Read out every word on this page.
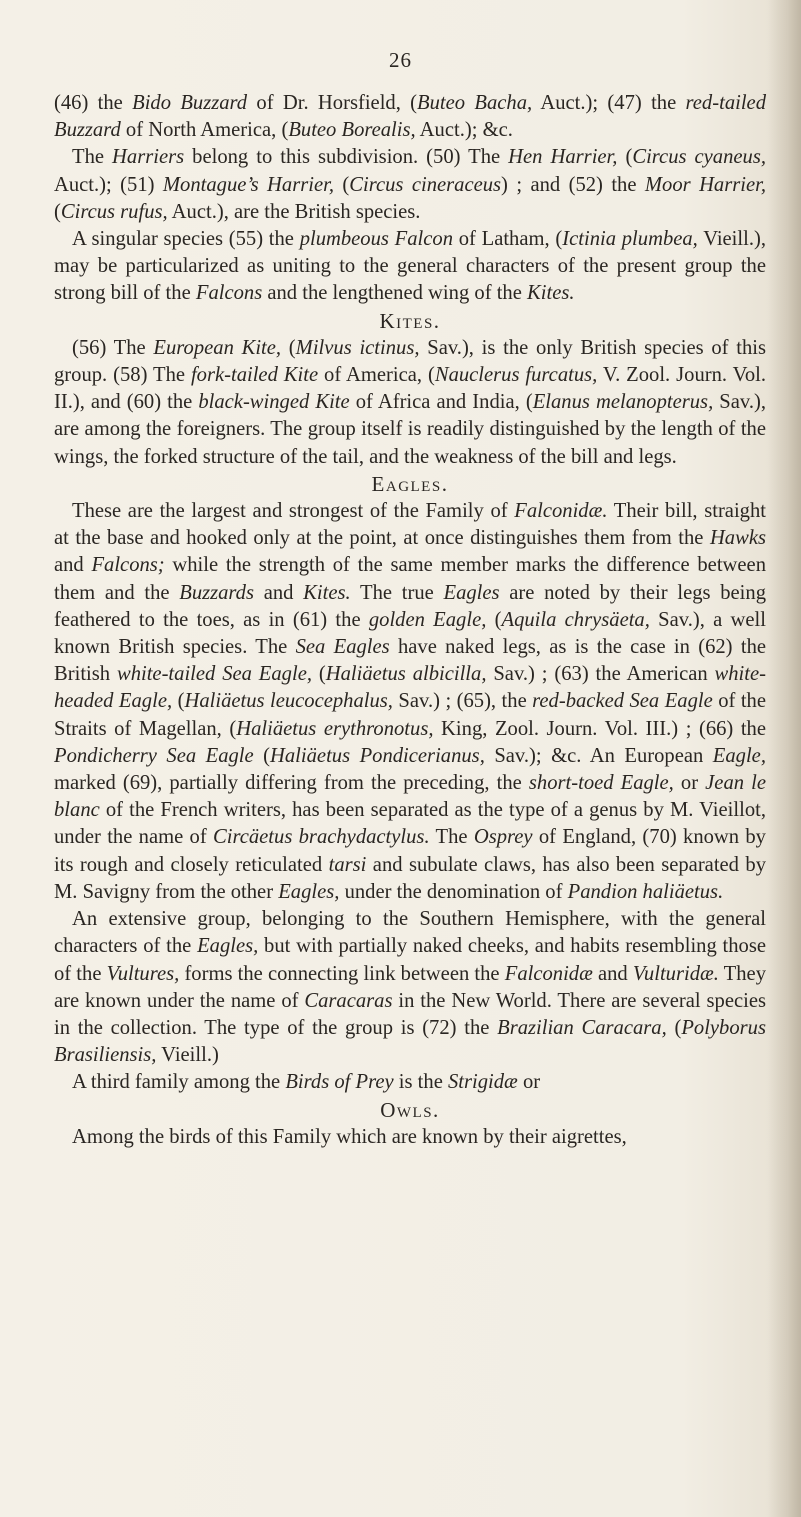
26

(46) the Bido Buzzard of Dr. Horsfield, (Buteo Bacha, Auct.); (47) the red-tailed Buzzard of North America, (Buteo Borealis, Auct.); &c.

The Harriers belong to this subdivision. (50) The Hen Harrier, (Circus cyaneus, Auct.); (51) Montague’s Harrier, (Circus cineraceus) ; and (52) the Moor Harrier, (Circus rufus, Auct.), are the British species.

A singular species (55) the plumbeous Falcon of Latham, (Ictinia plumbea, Vieill.), may be particularized as uniting to the general characters of the present group the strong bill of the Falcons and the lengthened wing of the Kites.

Kites.

(56) The European Kite, (Milvus ictinus, Sav.), is the only British species of this group. (58) The fork-tailed Kite of America, (Nauclerus furcatus, V. Zool. Journ. Vol. II.), and (60) the black-winged Kite of Africa and India, (Elanus melanopterus, Sav.), are among the foreigners. The group itself is readily distinguished by the length of the wings, the forked structure of the tail, and the weakness of the bill and legs.

Eagles.

These are the largest and strongest of the Family of Falconidæ. Their bill, straight at the base and hooked only at the point, at once distinguishes them from the Hawks and Falcons; while the strength of the same member marks the difference between them and the Buzzards and Kites. The true Eagles are noted by their legs being feathered to the toes, as in (61) the golden Eagle, (Aquila chrysäeta, Sav.), a well known British species. The Sea Eagles have naked legs, as is the case in (62) the British white-tailed Sea Eagle, (Haliäetus albicilla, Sav.) ; (63) the American white-headed Eagle, (Haliäetus leucocephalus, Sav.) ; (65), the red-backed Sea Eagle of the Straits of Magellan, (Haliäetus erythronotus, King, Zool. Journ. Vol. III.) ; (66) the Pondicherry Sea Eagle (Haliäetus Pondicerianus, Sav.); &c. An European Eagle, marked (69), partially differing from the preceding, the short-toed Eagle, or Jean le blanc of the French writers, has been separated as the type of a genus by M. Vieillot, under the name of Circäetus brachydactylus. The Osprey of England, (70) known by its rough and closely reticulated tarsi and subulate claws, has also been separated by M. Savigny from the other Eagles, under the denomination of Pandion haliäetus.

An extensive group, belonging to the Southern Hemisphere, with the general characters of the Eagles, but with partially naked cheeks, and habits resembling those of the Vultures, forms the connecting link between the Falconidæ and Vulturidæ. They are known under the name of Caracaras in the New World. There are several species in the collection. The type of the group is (72) the Brazilian Caracara, (Polyborus Brasiliensis, Vieill.)

A third family among the Birds of Prey is the Strigidæ or

Owls.

Among the birds of this Family which are known by their aigrettes,
